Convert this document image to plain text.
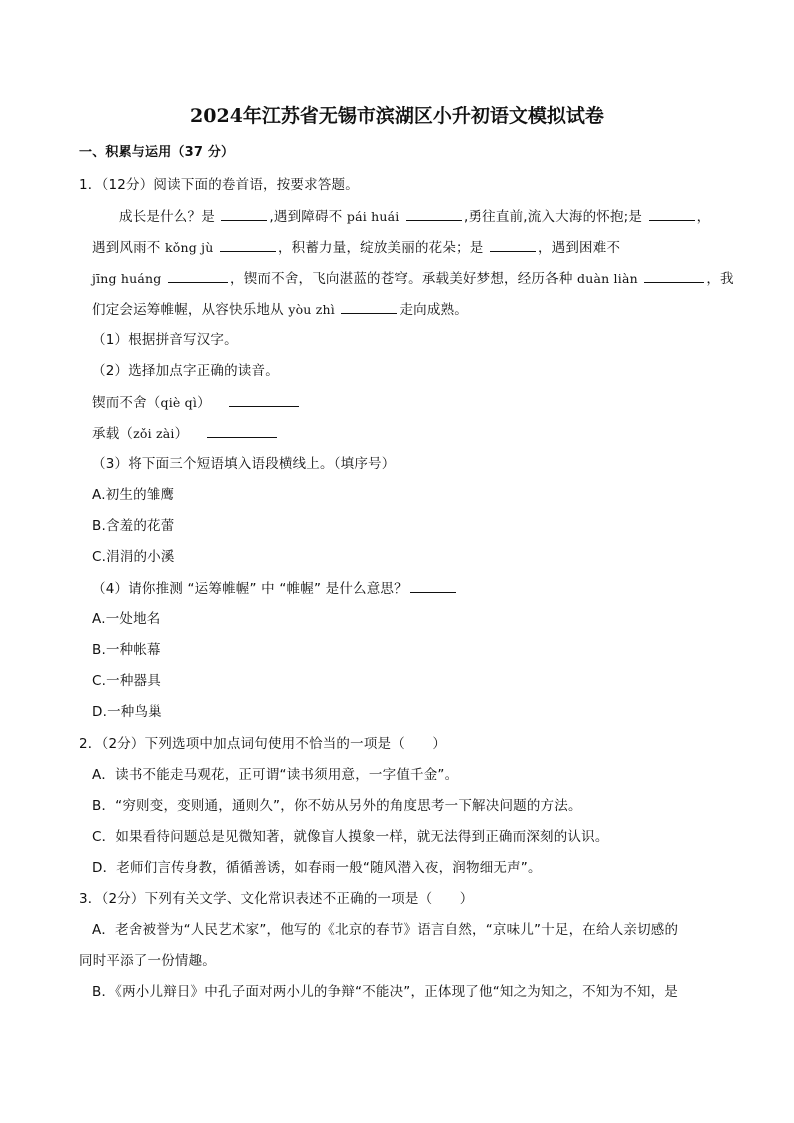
2024年江苏省无锡市滨湖区小升初语文模拟试卷
一、积累与运用（37 分）
1．（12分）阅读下面的卷首语，按要求答题。
成长是什么？是	,遇到障碍不 pái huái	,勇往直前,流入大海的怀抱;是	，
遇到风雨不 kǒng jù	，积蓄力量，绽放美丽的花朵；是	，遇到困难不
jīng huáng	，锲而不舍，飞向湛蓝的苍穹。承载美好梦想，经历各种 duàn liàn	，我
们定会运筹帷幄，从容快乐地从 yòu zhì	走向成熟。
（1）根据拼音写汉字。
（2）选择加点字正确的读音。
锲而不舍（qiè qì）
承载（zǒi zài）
（3）将下面三个短语填入语段横线上。（填序号）
A.初生的雏鹰
B.含羞的花蕾
C.涓涓的小溪
（4）请你推测 “运筹帷幄” 中 “帷幄” 是什么意思？
A.一处地名
B.一种帐幕
C.一种器具
D.一种鸟巢
2．（2分）下列选项中加点词句使用不恰当的一项是（　　）
A．读书不能走马观花，正可谓“读书须用意，一字值千金”。
B．“穷则变，变则通，通则久”，你不妨从另外的角度思考一下解决问题的方法。
C．如果看待问题总是见微知著，就像盲人摸象一样，就无法得到正确而深刻的认识。
D．老师们言传身教，循循善诱，如春雨一般“随风潜入夜，润物细无声”。
3．（2分）下列有关文学、文化常识表述不正确的一项是（　　）
A．老舍被誉为“人民艺术家”，他写的《北京的春节》语言自然，“京味儿”十足，在给人亲切感的
同时平添了一份情趣。
B．《两小儿辩日》中孔子面对两小儿的争辩“不能决”，正体现了他“知之为知之，不知为不知，是
